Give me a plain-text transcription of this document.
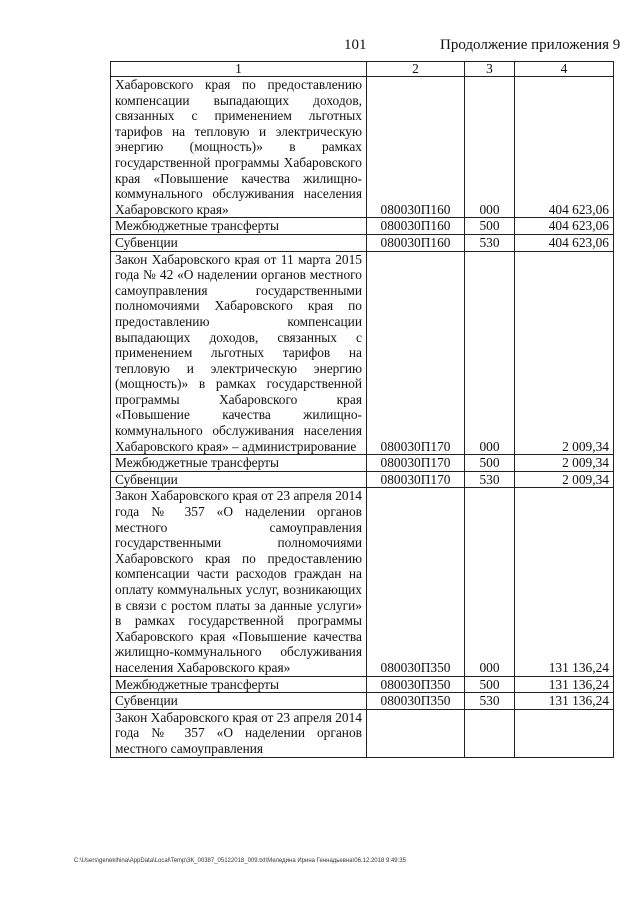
101	Продолжение приложения 9
1	2	3	4
Хабаровского края по предоставлению компенсации выпадающих доходов, связанных с применением льготных тарифов на тепловую и электрическую энергию (мощность)» в рамках государственной программы Хабаровского края «Повышение качества жилищно-коммунального обслуживания населения Хабаровского края»	080030П160	000	404 623,06
Межбюджетные трансферты	080030П160	500	404 623,06
Субвенции	080030П160	530	404 623,06
Закон Хабаровского края от 11 марта 2015 года № 42 «О наделении органов местного самоуправления государственными полномочиями Хабаровского края по предоставлению компенсации выпадающих доходов, связанных с применением льготных тарифов на тепловую и электрическую энергию (мощность)» в рамках государственной программы Хабаровского края «Повышение качества жилищно-коммунального обслуживания населения Хабаровского края» – администрирование	080030П170	000	2 009,34
Межбюджетные трансферты	080030П170	500	2 009,34
Субвенции	080030П170	530	2 009,34
Закон Хабаровского края от 23 апреля 2014 года № 357 «О наделении органов местного самоуправления государственными полномочиями Хабаровского края по предоставлению компенсации части расходов граждан на оплату коммунальных услуг, возникающих в связи с ростом платы за данные услуги» в рамках государственной программы Хабаровского края «Повышение качества жилищно-коммунального обслуживания населения Хабаровского края»	080030П350	000	131 136,24
Межбюджетные трансферты	080030П350	500	131 136,24
Субвенции	080030П350	530	131 136,24
Закон Хабаровского края от 23 апреля 2014 года № 357 «О наделении органов местного самоуправления			
C:\Users\geneklhina\AppData\Local\Temp\ЗК_00387_05122018_009.txt\Меледина Ирина Геннадьевна\06.12.2018 9:49:35
